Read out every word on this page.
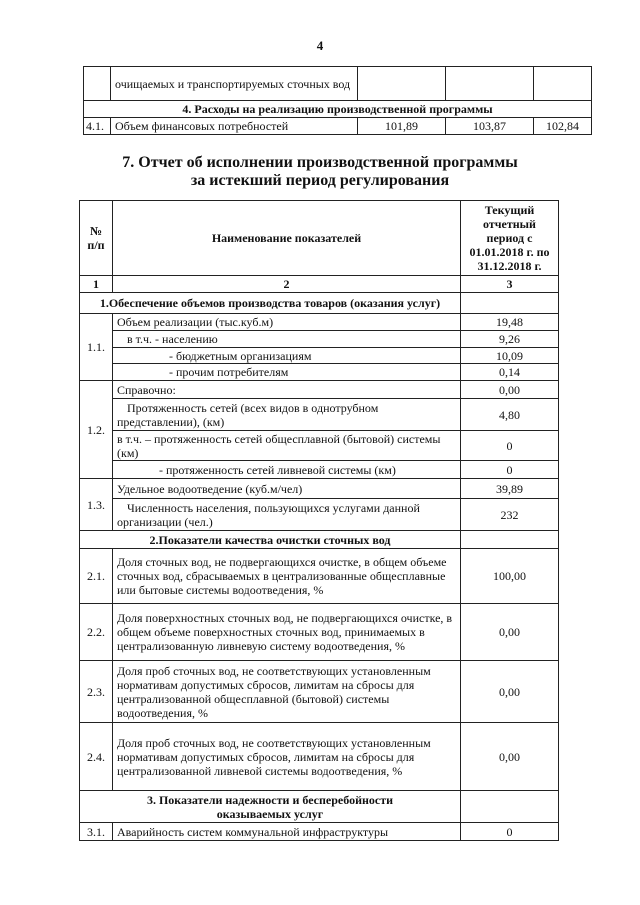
4
	очищаемых и транспортируемых сточных вод			
4. Расходы на реализацию производственной программы				
4.1.	Объем финансовых потребностей	101,89	103,87	102,84
7. Отчет об исполнении производственной программы
за истекший период регулирования
№ п/п	Наименование показателей	Текущий отчетный период с 01.01.2018 г. по 31.12.2018 г.
1	2	3
1.Обеспечение объемов производства товаров (оказания услуг)		
1.1.	Объем реализации (тыс.куб.м)	19,48
	в т.ч. - населению	9,26
	- бюджетным организациям	10,09
	- прочим потребителям	0,14
1.2.	Справочно:	0,00
	Протяженность сетей (всех видов в однотрубном представлении), (км)	4,80
	в т.ч. – протяженность сетей общесплавной (бытовой) системы (км)	0
	- протяженность сетей ливневой системы (км)	0
1.3.	Удельное водоотведение (куб.м/чел)	39,89
	Численность населения, пользующихся услугами данной организации (чел.)	232
2.Показатели качества очистки сточных вод		
2.1.	Доля сточных вод, не подвергающихся очистке, в общем объеме сточных вод, сбрасываемых в централизованные общесплавные или бытовые системы водоотведения, %	100,00
2.2.	Доля поверхностных сточных вод, не подвергающихся очистке, в общем объеме поверхностных сточных вод, принимаемых в централизованную ливневую систему водоотведения, %	0,00
2.3.	Доля проб сточных вод, не соответствующих установленным нормативам допустимых сбросов, лимитам на сбросы для централизованной общесплавной (бытовой) системы водоотведения, %	0,00
2.4.	Доля проб сточных вод, не соответствующих установленным нормативам допустимых сбросов, лимитам на сбросы для централизованной ливневой системы водоотведения, %	0,00
3. Показатели надежности и бесперебойности оказываемых услуг		
3.1.	Аварийность систем коммунальной инфраструктуры	0
